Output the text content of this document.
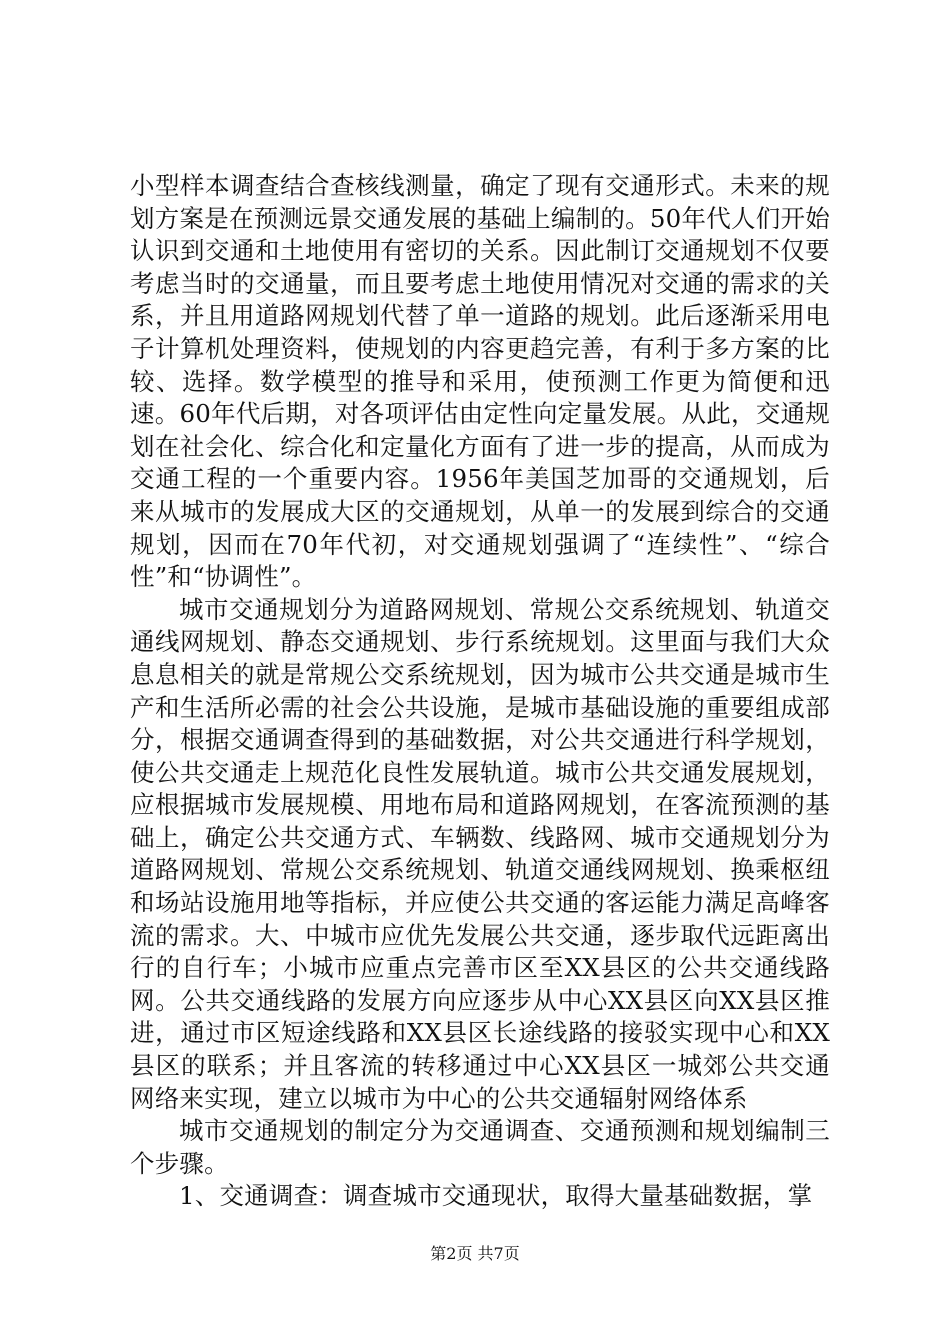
小型样本调查结合查核线测量，确定了现有交通形式。未来的规划方案是在预测远景交通发展的基础上编制的。50年代人们开始认识到交通和土地使用有密切的关系。因此制订交通规划不仅要考虑当时的交通量，而且要考虑土地使用情况对交通的需求的关系，并且用道路网规划代替了单一道路的规划。此后逐渐采用电子计算机处理资料，使规划的内容更趋完善，有利于多方案的比较、选择。数学模型的推导和采用，使预测工作更为简便和迅速。60年代后期，对各项评估由定性向定量发展。从此，交通规划在社会化、综合化和定量化方面有了进一步的提高，从而成为交通工程的一个重要内容。1956年美国芝加哥的交通规划，后来从城市的发展成大区的交通规划，从单一的发展到综合的交通规划，因而在70年代初，对交通规划强调了“连续性”、“综合性”和“协调性”。

城市交通规划分为道路网规划、常规公交系统规划、轨道交通线网规划、静态交通规划、步行系统规划。这里面与我们大众息息相关的就是常规公交系统规划，因为城市公共交通是城市生产和生活所必需的社会公共设施，是城市基础设施的重要组成部分，根据交通调查得到的基础数据，对公共交通进行科学规划，使公共交通走上规范化良性发展轨道。城市公共交通发展规划，应根据城市发展规模、用地布局和道路网规划，在客流预测的基础上，确定公共交通方式、车辆数、线路网、城市交通规划分为道路网规划、常规公交系统规划、轨道交通线网规划、换乘枢纽和场站设施用地等指标，并应使公共交通的客运能力满足高峰客流的需求。大、中城市应优先发展公共交通，逐步取代远距离出行的自行车；小城市应重点完善市区至XX县区的公共交通线路网。公共交通线路的发展方向应逐步从中心XX县区向XX县区推进，通过市区短途线路和XX县区长途线路的接驳实现中心和XX县区的联系；并且客流的转移通过中心XX县区一城郊公共交通网络来实现，建立以城市为中心的公共交通辐射网络体系

城市交通规划的制定分为交通调查、交通预测和规划编制三个步骤。

1、交通调查：调查城市交通现状，取得大量基础数据，掌

第2页 共7页
